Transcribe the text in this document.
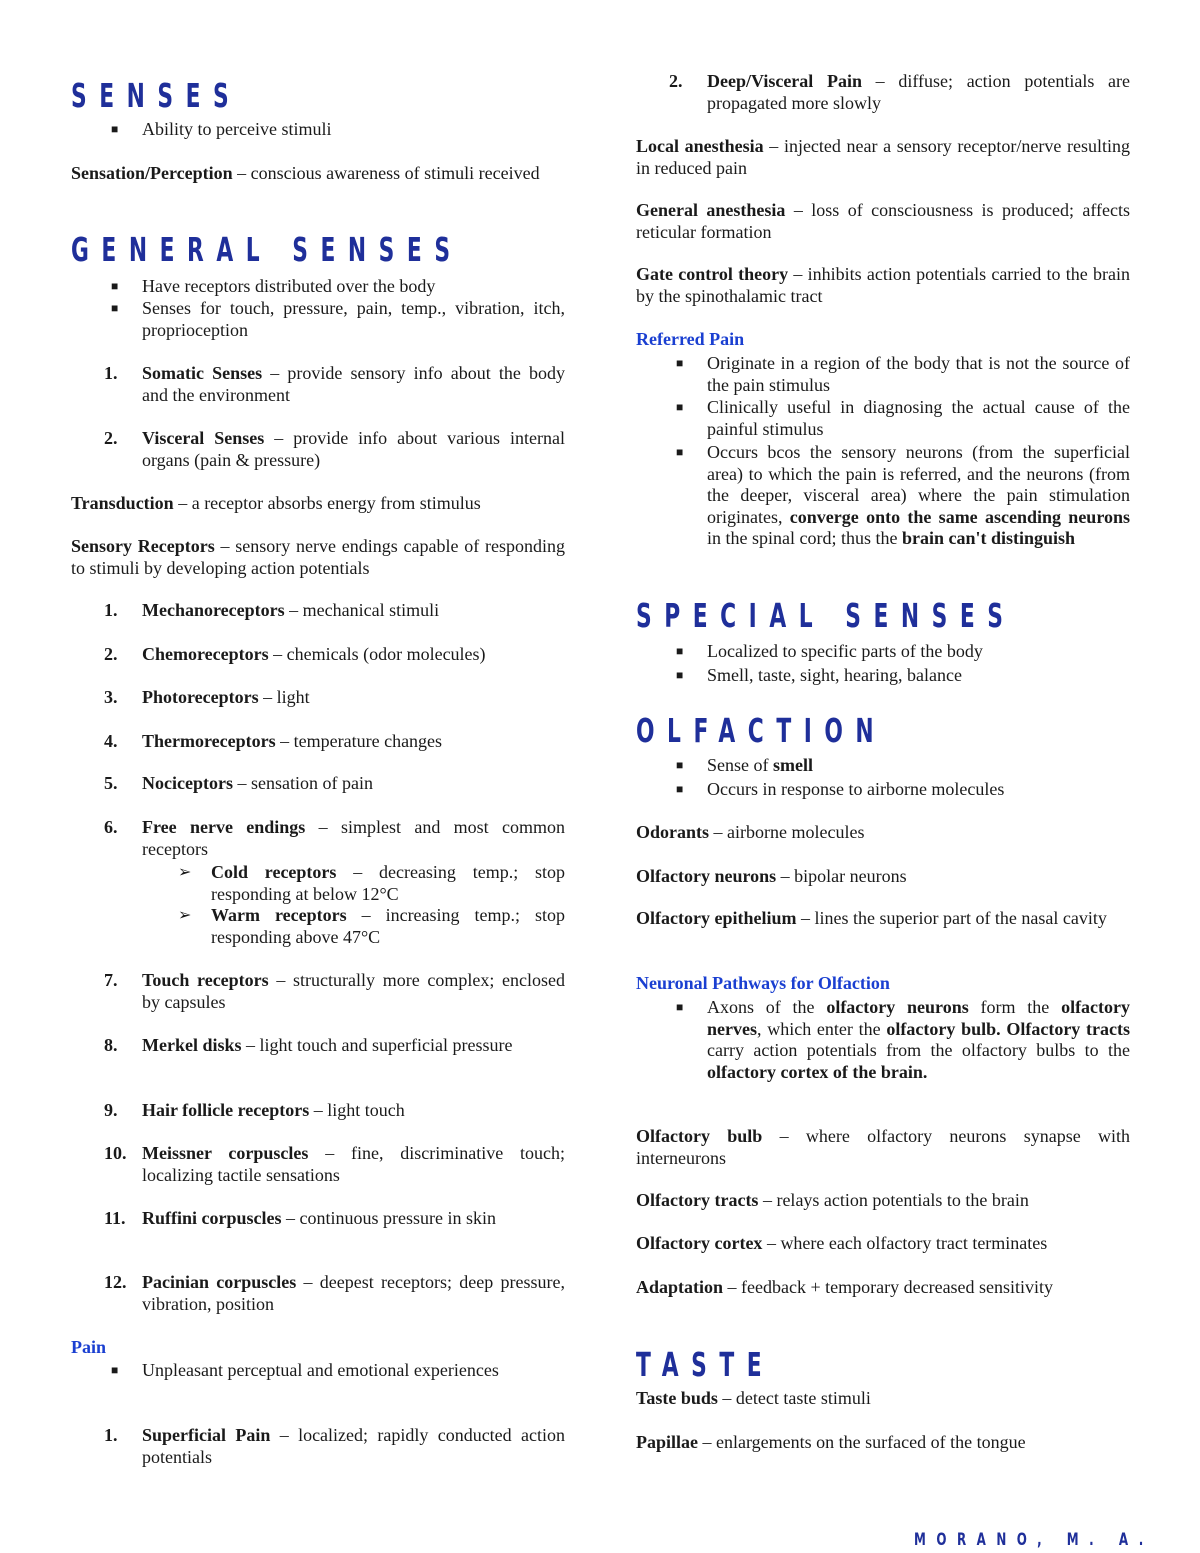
SENSES
■ Ability to perceive stimuli
Sensation/Perception – conscious awareness of stimuli received
GENERAL SENSES
■ Have receptors distributed over the body
■ Senses for touch, pressure, pain, temp., vibration, itch, proprioception
1. Somatic Senses – provide sensory info about the body and the environment
2. Visceral Senses – provide info about various internal organs (pain & pressure)
Transduction – a receptor absorbs energy from stimulus
Sensory Receptors – sensory nerve endings capable of responding to stimuli by developing action potentials
1. Mechanoreceptors – mechanical stimuli
2. Chemoreceptors – chemicals (odor molecules)
3. Photoreceptors – light
4. Thermoreceptors – temperature changes
5. Nociceptors – sensation of pain
6. Free nerve endings – simplest and most common receptors
➢ Cold receptors – decreasing temp.; stop responding at below 12°C
➢ Warm receptors – increasing temp.; stop responding above 47°C
7. Touch receptors – structurally more complex; enclosed by capsules
8. Merkel disks – light touch and superficial pressure
9. Hair follicle receptors – light touch
10. Meissner corpuscles – fine, discriminative touch; localizing tactile sensations
11. Ruffini corpuscles – continuous pressure in skin
12. Pacinian corpuscles – deepest receptors; deep pressure, vibration, position
Pain
■ Unpleasant perceptual and emotional experiences
1. Superficial Pain – localized; rapidly conducted action potentials
2. Deep/Visceral Pain – diffuse; action potentials are propagated more slowly
Local anesthesia – injected near a sensory receptor/nerve resulting in reduced pain
General anesthesia – loss of consciousness is produced; affects reticular formation
Gate control theory – inhibits action potentials carried to the brain by the spinothalamic tract
Referred Pain
■ Originate in a region of the body that is not the source of the pain stimulus
■ Clinically useful in diagnosing the actual cause of the painful stimulus
■ Occurs bcos the sensory neurons (from the superficial area) to which the pain is referred, and the neurons (from the deeper, visceral area) where the pain stimulation originates, converge onto the same ascending neurons in the spinal cord; thus the brain can't distinguish
SPECIAL SENSES
■ Localized to specific parts of the body
■ Smell, taste, sight, hearing, balance
OLFACTION
■ Sense of smell
■ Occurs in response to airborne molecules
Odorants – airborne molecules
Olfactory neurons – bipolar neurons
Olfactory epithelium – lines the superior part of the nasal cavity
Neuronal Pathways for Olfaction
■ Axons of the olfactory neurons form the olfactory nerves, which enter the olfactory bulb. Olfactory tracts carry action potentials from the olfactory bulbs to the olfactory cortex of the brain.
Olfactory bulb – where olfactory neurons synapse with interneurons
Olfactory tracts – relays action potentials to the brain
Olfactory cortex – where each olfactory tract terminates
Adaptation – feedback + temporary decreased sensitivity
TASTE
Taste buds – detect taste stimuli
Papillae – enlargements on the surfaced of the tongue
MORANO, M. A.
